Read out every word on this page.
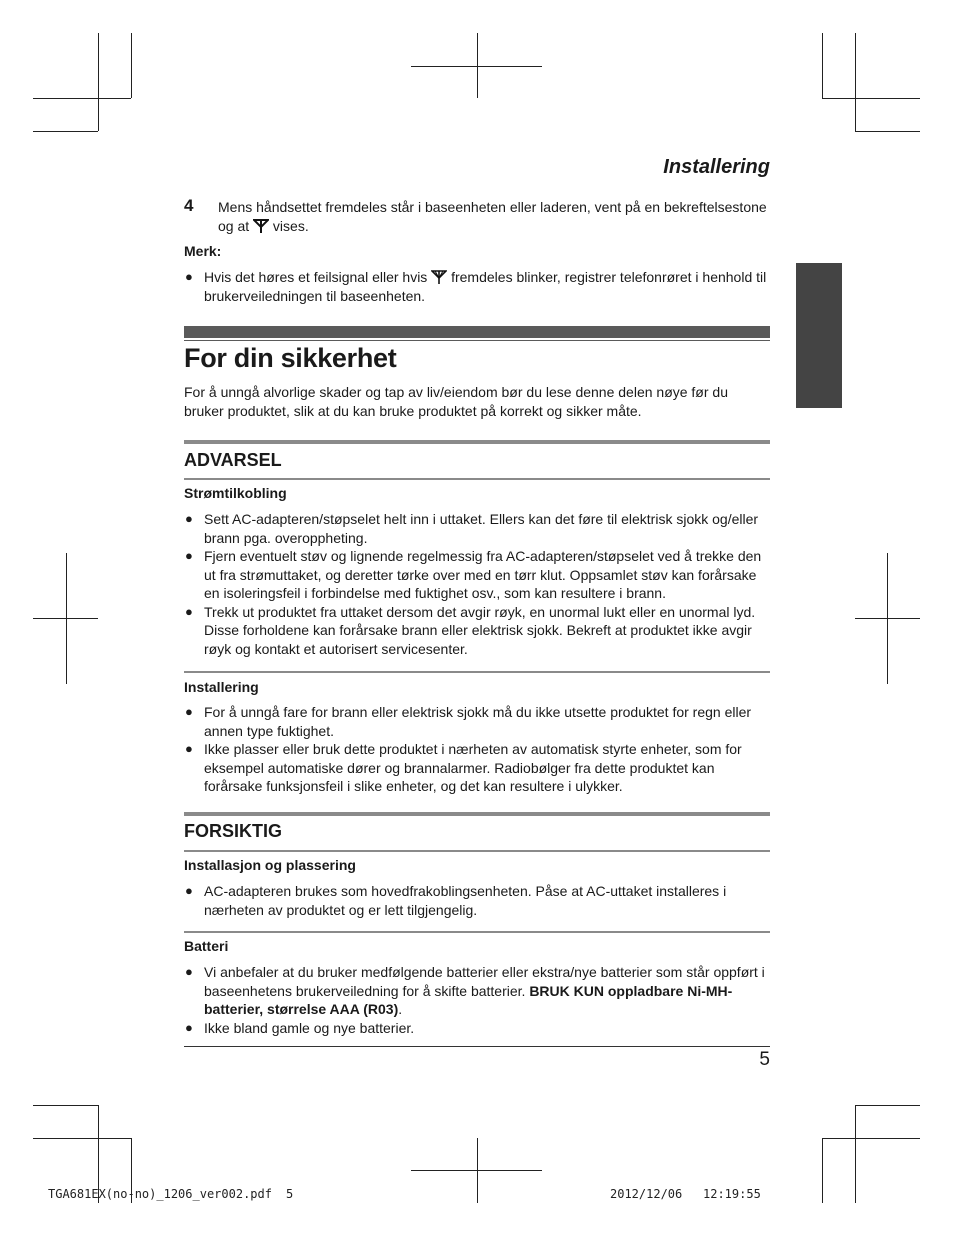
Installering
4 Mens håndsettet fremdeles står i baseenheten eller laderen, vent på en bekreftelsestone og at vises.
Merk:
● Hvis det høres et feilsignal eller hvis fremdeles blinker, registrer telefonrøret i henhold til brukerveiledningen til baseenheten.
For din sikkerhet
For å unngå alvorlige skader og tap av liv/eiendom bør du lese denne delen nøye før du bruker produktet, slik at du kan bruke produktet på korrekt og sikker måte.
ADVARSEL
Strømtilkobling
● Sett AC-adapteren/støpselet helt inn i uttaket. Ellers kan det føre til elektrisk sjokk og/eller brann pga. overoppheting.
● Fjern eventuelt støv og lignende regelmessig fra AC-adapteren/støpselet ved å trekke den ut fra strømuttaket, og deretter tørke over med en tørr klut. Oppsamlet støv kan forårsake en isoleringsfeil i forbindelse med fuktighet osv., som kan resultere i brann.
● Trekk ut produktet fra uttaket dersom det avgir røyk, en unormal lukt eller en unormal lyd. Disse forholdene kan forårsake brann eller elektrisk sjokk. Bekreft at produktet ikke avgir røyk og kontakt et autorisert servicesenter.
Installering
● For å unngå fare for brann eller elektrisk sjokk må du ikke utsette produktet for regn eller annen type fuktighet.
● Ikke plasser eller bruk dette produktet i nærheten av automatisk styrte enheter, som for eksempel automatiske dører og brannalarmer. Radiobølger fra dette produktet kan forårsake funksjonsfeil i slike enheter, og det kan resultere i ulykker.
FORSIKTIG
Installasjon og plassering
● AC-adapteren brukes som hovedfrakoblingsenheten. Påse at AC-uttaket installeres i nærheten av produktet og er lett tilgjengelig.
Batteri
● Vi anbefaler at du bruker medfølgende batterier eller ekstra/nye batterier som står oppført i baseenhetens brukerveiledning for å skifte batterier. BRUK KUN oppladbare Ni-MH-batterier, størrelse AAA (R03).
● Ikke bland gamle og nye batterier.
5
TGA681EX(no-no)_1206_ver002.pdf 5	2012/12/06 12:19:55
